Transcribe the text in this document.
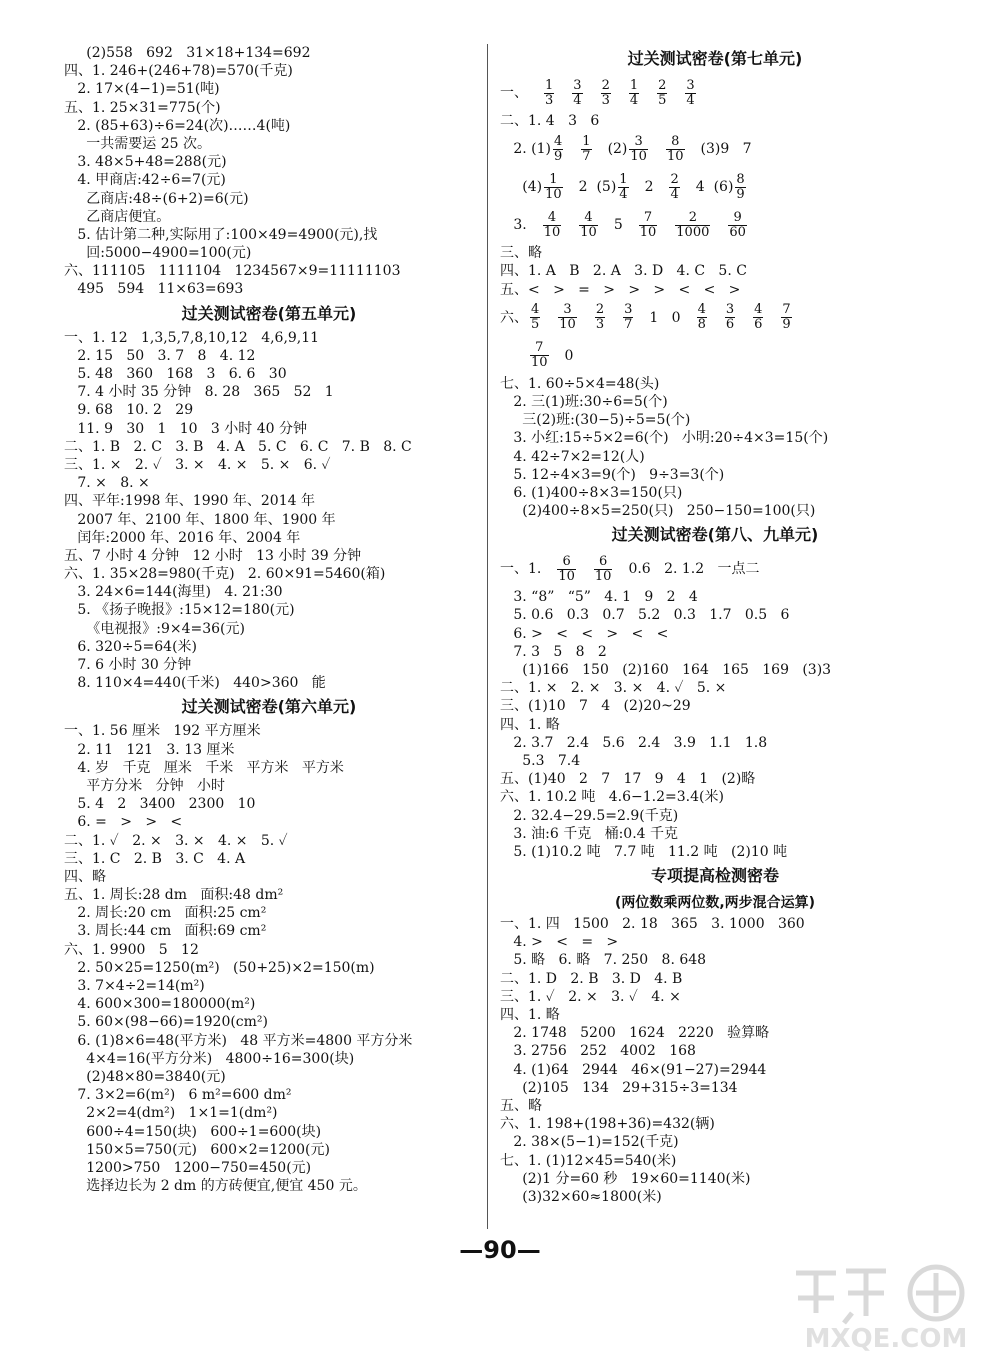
(2)558   692   31×18+134=692
四、1. 246+(246+78)=570(千克)
2. 17×(4−1)=51(吨)
五、1. 25×31=775(个)
2. (85+63)÷6=24(次)……4(吨)
一共需要运 25 次。
3. 48×5+48=288(元)
4. 甲商店:42÷6=7(元)
乙商店:48÷(6+2)=6(元)
乙商店便宜。
5. 估计第二种,实际用了:100×49=4900(元),找
回:5000−4900=100(元)
六、111105   1111104   1234567×9=11111103
495   594   11×63=693
过关测试密卷(第五单元)
一、1. 12   1,3,5,7,8,10,12   4,6,9,11
2. 15   50   3. 7   8   4. 12
5. 48   360   168   3   6. 6   30
7. 4 小时 35 分钟   8. 28   365   52   1
9. 68   10. 2   29
11. 9   30   1   10   3 小时 40 分钟
二、1. B   2. C   3. B   4. A   5. C   6. C   7. B   8. C
三、1. ×   2. ✓   3. ×   4. ×   5. ×   6. ✓
7. ×   8. ×
四、平年:1998 年、1990 年、2014 年
2007 年、2100 年、1800 年、1900 年
闰年:2000 年、2016 年、2004 年
五、7 小时 4 分钟   12 小时   13 小时 39 分钟
六、1. 35×28=980(千克)   2. 60×91=5460(箱)
3. 24×6=144(海里)   4. 21:30
5. 《扬子晚报》:15×12=180(元)
《电视报》:9×4=36(元)
6. 320÷5=64(米)
7. 6 小时 30 分钟
8. 110×4=440(千米)   440>360   能
过关测试密卷(第六单元)
一、1. 56 厘米   192 平方厘米
2. 11   121   3. 13 厘米
4. 岁   千克   厘米   千米   平方米   平方米
平方分米   分钟   小时
5. 4   2   3400   2300   10
6. =   >   >   <
二、1. ✓   2. ×   3. ×   4. ×   5. ✓
三、1. C   2. B   3. C   4. A
四、略
五、1. 周长:28 dm   面积:48 dm²
2. 周长:20 cm   面积:25 cm²
3. 周长:44 cm   面积:69 cm²
六、1. 9900   5   12
2. 50×25=1250(m²)   (50+25)×2=150(m)
3. 7×4÷2=14(m²)
4. 600×300=180000(m²)
5. 60×(98−66)=1920(cm²)
6. (1)8×6=48(平方米)   48 平方米=4800 平方分米
4×4=16(平方分米)   4800÷16=300(块)
(2)48×80=3840(元)
7. 3×2=6(m²)   6 m²=600 dm²
2×2=4(dm²)   1×1=1(dm²)
600÷4=150(块)   600÷1=600(块)
150×5=750(元)   600×2=1200(元)
1200>750   1200−750=450(元)
选择边长为 2 dm 的方砖便宜,便宜 450 元。
过关测试密卷(第七单元)
一、 $\frac{1}{3} \frac{3}{4} \frac{2}{3} \frac{1}{4} \frac{2}{5} \frac{3}{4}$
二、1. 4   3   6
2. $(1) \frac{4}{9} \frac{1}{7} (2) \frac{3}{10} \frac{8}{10} (3)9$   7
$(4) \frac{1}{10} 2$  $(5) \frac{1}{4} 2 \frac{2}{4} 4$  $(6) \frac{8}{9}$
3. $\frac{4}{10} \frac{4}{10} 5 \frac{7}{10} \frac{2}{1000} \frac{9}{60}$
三、略
四、1. A   B   2. A   3. D   4. C   5. C
五、<   >   =   >   >   >   <   <   >
六、 $\frac{4}{5} \frac{3}{10} \frac{2}{3} \frac{3}{7} 1$   $0 \frac{4}{8} \frac{3}{6} \frac{4}{6} \frac{7}{9}$
$\frac{7}{10} 0$
七、1. 60÷5×4=48(头)
2. 三(1)班:30÷6=5(个)
三(2)班:(30−5)÷5=5(个)
3. 小红:15÷5×2=6(个)   小明:20÷4×3=15(个)
4. 42÷7×2=12(人)
5. 12÷4×3=9(个)   9÷3=3(个)
6. (1)400÷8×3=150(只)
(2)400÷8×5=250(只)   250−150=100(只)
过关测试密卷(第八、九单元)
一、1. $\frac{6}{10} \frac{6}{10} 0.6$   2. 1.2   一点二
3. “8”   “5”   4. 1   9   2   4
5. 0.6   0.3   0.7   5.2   0.3   1.7   0.5   6
6. >   <   <   >   <   <
7. 3   5   8   2
(1)166   150   (2)160   164   165   169   (3)3
二、1. ×   2. ×   3. ×   4. ✓   5. ×
三、(1)10   7   4   (2)20~29
四、1. 略
2. 3.7   2.4   5.6   2.4   3.9   1.1   1.8
5.3   7.4
五、(1)40   2   7   17   9   4   1   (2)略
六、1. 10.2 吨   4.6−1.2=3.4(米)
2. 32.4−29.5=2.9(千克)
3. 油:6 千克   桶:0.4 千克
5. (1)10.2 吨   7.7 吨   11.2 吨   (2)10 吨
专项提高检测密卷
(两位数乘两位数,两步混合运算)
一、1. 四   1500   2. 18   365   3. 1000   360
4. >   <   =   >
5. 略   6. 略   7. 250   8. 648
二、1. D   2. B   3. D   4. B
三、1. ✓   2. ×   3. ✓   4. ×
四、1. 略
2. 1748   5200   1624   2220   验算略
3. 2756   252   4002   168
4. (1)64   2944   46×(91−27)=2944
(2)105   134   29+315÷3=134
五、略
六、1. 198+(198+36)=432(辆)
2. 38×(5−1)=152(千克)
七、1. (1)12×45=540(米)
(2)1 分=60 秒   19×60=1140(米)
(3)32×60≈1800(米)
—90—
MXQE.COM
